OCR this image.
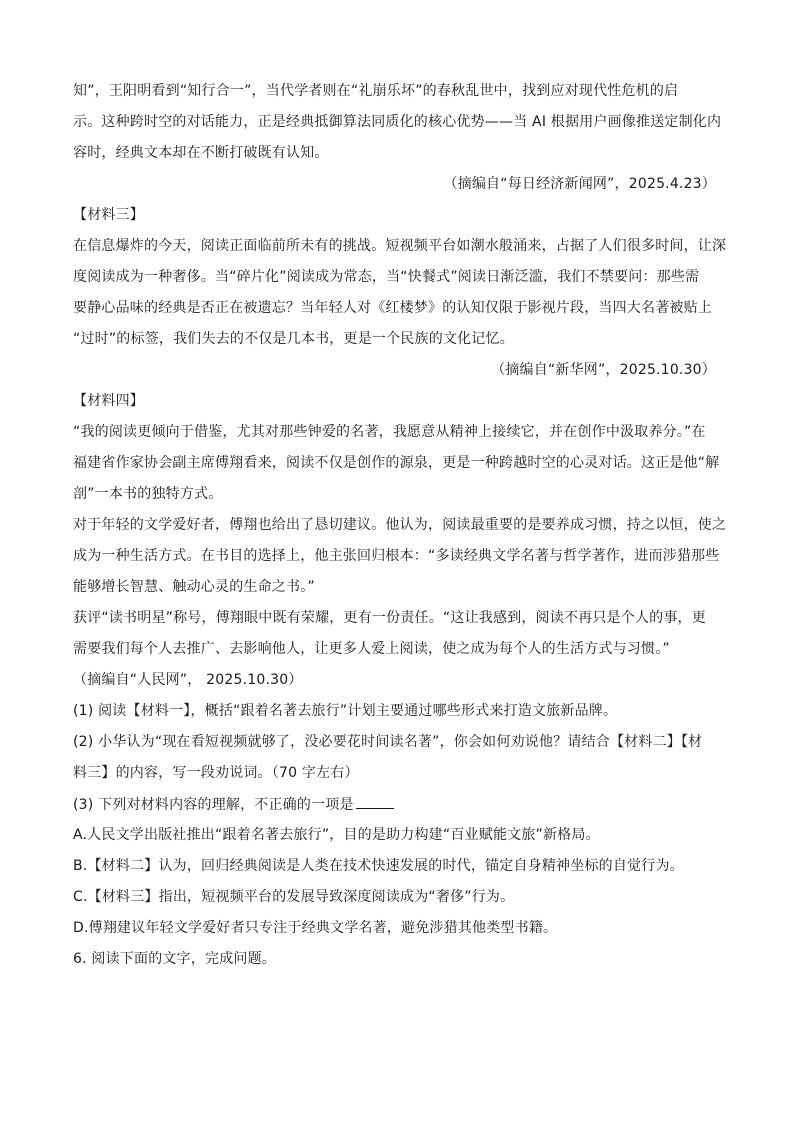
知”，王阳明看到“知行合一”，当代学者则在“礼崩乐坏”的春秋乱世中，找到应对现代性危机的启
示。这种跨时空的对话能力，正是经典抵御算法同质化的核心优势——当 AI 根据用户画像推送定制化内
容时，经典文本却在不断打破既有认知。
（摘编自“每日经济新闻网”，2025.4.23）
【材料三】
在信息爆炸的今天，阅读正面临前所未有的挑战。短视频平台如潮水般涌来，占据了人们很多时间，让深
度阅读成为一种奢侈。当“碎片化”阅读成为常态，当“快餐式”阅读日渐泛滥，我们不禁要问：那些需
要静心品味的经典是否正在被遗忘？当年轻人对《红楼梦》的认知仅限于影视片段，当四大名著被贴上
“过时”的标签，我们失去的不仅是几本书，更是一个民族的文化记忆。
（摘编自“新华网”，2025.10.30）
【材料四】
“我的阅读更倾向于借鉴，尤其对那些钟爱的名著，我愿意从精神上接续它，并在创作中汲取养分。”在
福建省作家协会副主席傅翔看来，阅读不仅是创作的源泉，更是一种跨越时空的心灵对话。这正是他“解
剖”一本书的独特方式。
对于年轻的文学爱好者，傅翔也给出了恳切建议。他认为，阅读最重要的是要养成习惯，持之以恒，使之
成为一种生活方式。在书目的选择上，他主张回归根本：“多读经典文学名著与哲学著作，进而涉猎那些
能够增长智慧、触动心灵的生命之书。”
获评“读书明星”称号，傅翔眼中既有荣耀，更有一份责任。“这让我感到，阅读不再只是个人的事，更
需要我们每个人去推广、去影响他人，让更多人爱上阅读，使之成为每个人的生活方式与习惯。”
（摘编自“人民网”， 2025.10.30）
(1) 阅读【材料一】，概括“跟着名著去旅行”计划主要通过哪些形式来打造文旅新品牌。
(2) 小华认为“现在看短视频就够了，没必要花时间读名著”，你会如何劝说他？请结合【材料二】【材
料三】的内容，写一段劝说词。（70 字左右）
(3) 下列对材料内容的理解，不正确的一项是
A.人民文学出版社推出“跟着名著去旅行”，目的是助力构建“百业赋能文旅”新格局。
B.【材料二】认为，回归经典阅读是人类在技术快速发展的时代，锚定自身精神坐标的自觉行为。
C.【材料三】指出，短视频平台的发展导致深度阅读成为“奢侈”行为。
D.傅翔建议年轻文学爱好者只专注于经典文学名著，避免涉猎其他类型书籍。
6. 阅读下面的文字，完成问题。
